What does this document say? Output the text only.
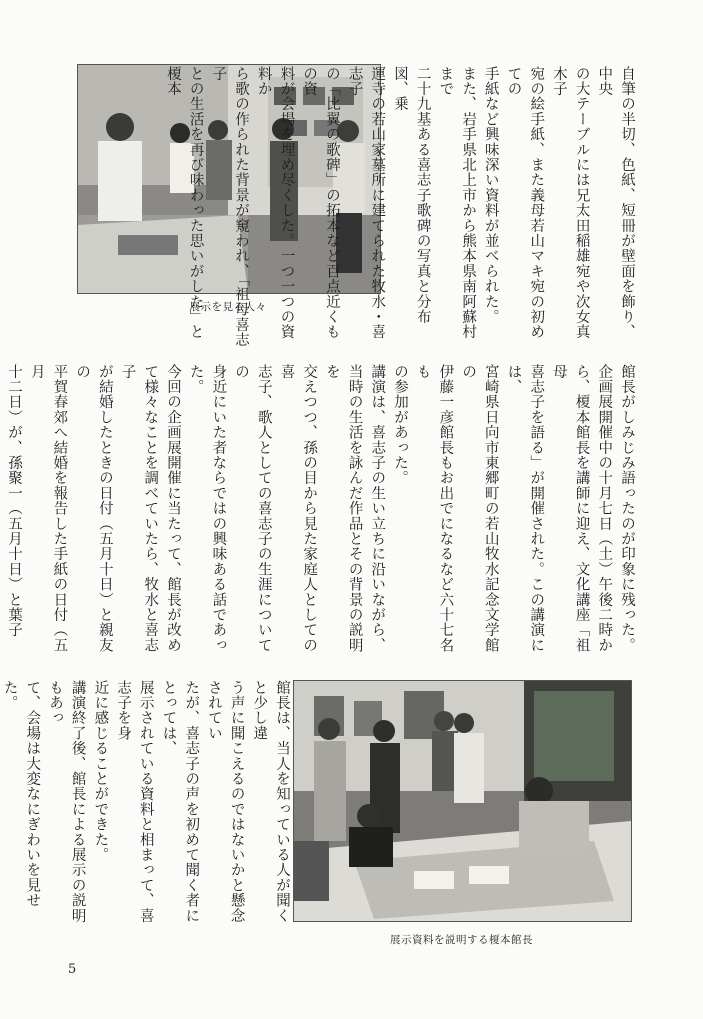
展示を見る人々	自筆の半切、色紙、短冊が壁面を飾り、中央
の大テーブルには兄太田稲雄宛や次女真木子
宛の絵手紙、また義母若山マキ宛の初めての
手紙など興味深い資料が並べられた。
また、岩手県北上市から熊本県南阿蘇村まで
二十九基ある喜志子歌碑の写真と分布図、乗
運寺の若山家墓所に建てられた牧水・喜志子
の「比翼の歌碑」の拓本など百点近くもの資
料が会場を埋め尽くした。一つ一つの資料か
ら歌の作られた背景が窺われ、「祖母喜志子
との生活を再び味わった思いがした」と榎本
館長がしみじみ語ったのが印象に残った。
企画展開催中の十月七日（土）午後二時か
ら、榎本館長を講師に迎え、文化講座「祖母
喜志子を語る」が開催された。この講演には、
宮崎県日向市東郷町の若山牧水記念文学館の
伊藤一彦館長もお出でになるなど六十七名も
の参加があった。
講演は、喜志子の生い立ちに沿いながら、
当時の生活を詠んだ作品とその背景の説明を
交えつつ、孫の目から見た家庭人としての喜
志子、歌人としての喜志子の生涯についての
身近にいた者ならではの興味ある話であった。
今回の企画展開催に当たって、館長が改め
て様々なことを調べていたら、牧水と喜志子
が結婚したときの日付（五月十日）と親友の
平賀春郊へ結婚を報告した手紙の日付（五月
十二日）が、孫聚一（五月十日）と葉子

館長は、当人を知っている人が聞くと少し違
う声に聞こえるのではないかと懸念されてい
たが、喜志子の声を初めて聞く者にとっては、
展示されている資料と相まって、喜志子を身
近に感じることができた。
講演終了後、館長による展示の説明もあっ
て、会場は大変なにぎわいを見せた。

展示資料を説明する榎本館長
5
